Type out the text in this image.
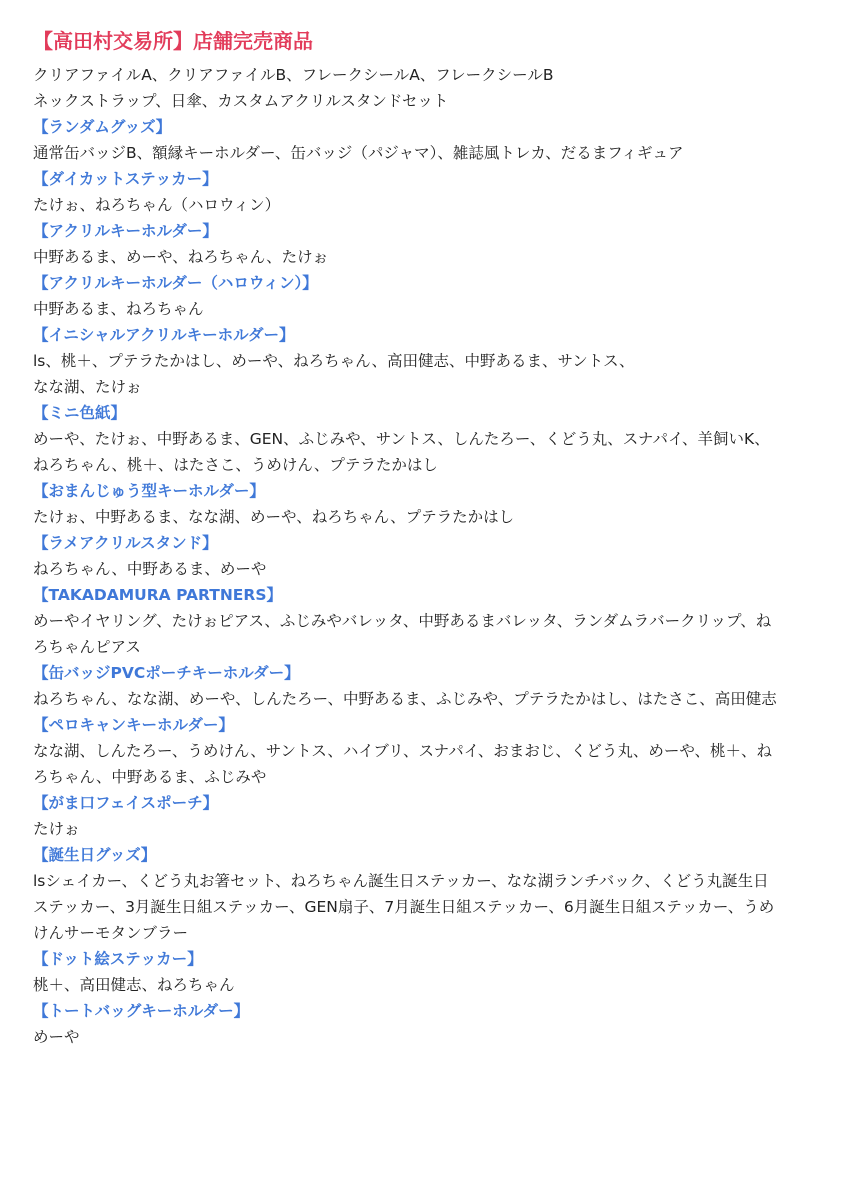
【高田村交易所】店舗完売商品
クリアファイルA、クリアファイルB、フレークシールA、フレークシールB
ネックストラップ、日傘、カスタムアクリルスタンドセット
【ランダムグッズ】
通常缶バッジB、額縁キーホルダー、缶バッジ（パジャマ）、雑誌風トレカ、だるまフィギュア
【ダイカットステッカー】
たけぉ、ねろちゃん（ハロウィン）
【アクリルキーホルダー】
中野あるま、めーや、ねろちゃん、たけぉ
【アクリルキーホルダー（ハロウィン）】
中野あるま、ねろちゃん
【イニシャルアクリルキーホルダー】
ls、桃＋、プテラたかはし、めーや、ねろちゃん、高田健志、中野あるま、サントス、
なな湖、たけぉ
【ミニ色紙】
めーや、たけぉ、中野あるま、GEN、ふじみや、サントス、しんたろー、くどう丸、スナパイ、羊飼いK、
ねろちゃん、桃＋、はたさこ、うめけん、プテラたかはし
【おまんじゅう型キーホルダー】
たけぉ、中野あるま、なな湖、めーや、ねろちゃん、プテラたかはし
【ラメアクリルスタンド】
ねろちゃん、中野あるま、めーや
【TAKADAMURA PARTNERS】
めーやイヤリング、たけぉピアス、ふじみやバレッタ、中野あるまバレッタ、ランダムラバークリップ、ね
ろちゃんピアス
【缶バッジPVCポーチキーホルダー】
ねろちゃん、なな湖、めーや、しんたろー、中野あるま、ふじみや、プテラたかはし、はたさこ、高田健志
【ペロキャンキーホルダー】
なな湖、しんたろー、うめけん、サントス、ハイブリ、スナパイ、おまおじ、くどう丸、めーや、桃＋、ね
ろちゃん、中野あるま、ふじみや
【がま口フェイスポーチ】
たけぉ
【誕生日グッズ】
lsシェイカー、くどう丸お箸セット、ねろちゃん誕生日ステッカー、なな湖ランチバック、くどう丸誕生日
ステッカー、3月誕生日組ステッカー、GEN扇子、7月誕生日組ステッカー、6月誕生日組ステッカー、うめ
けんサーモタンブラー
【ドット絵ステッカー】
桃＋、高田健志、ねろちゃん
【トートバッグキーホルダー】
めーや
